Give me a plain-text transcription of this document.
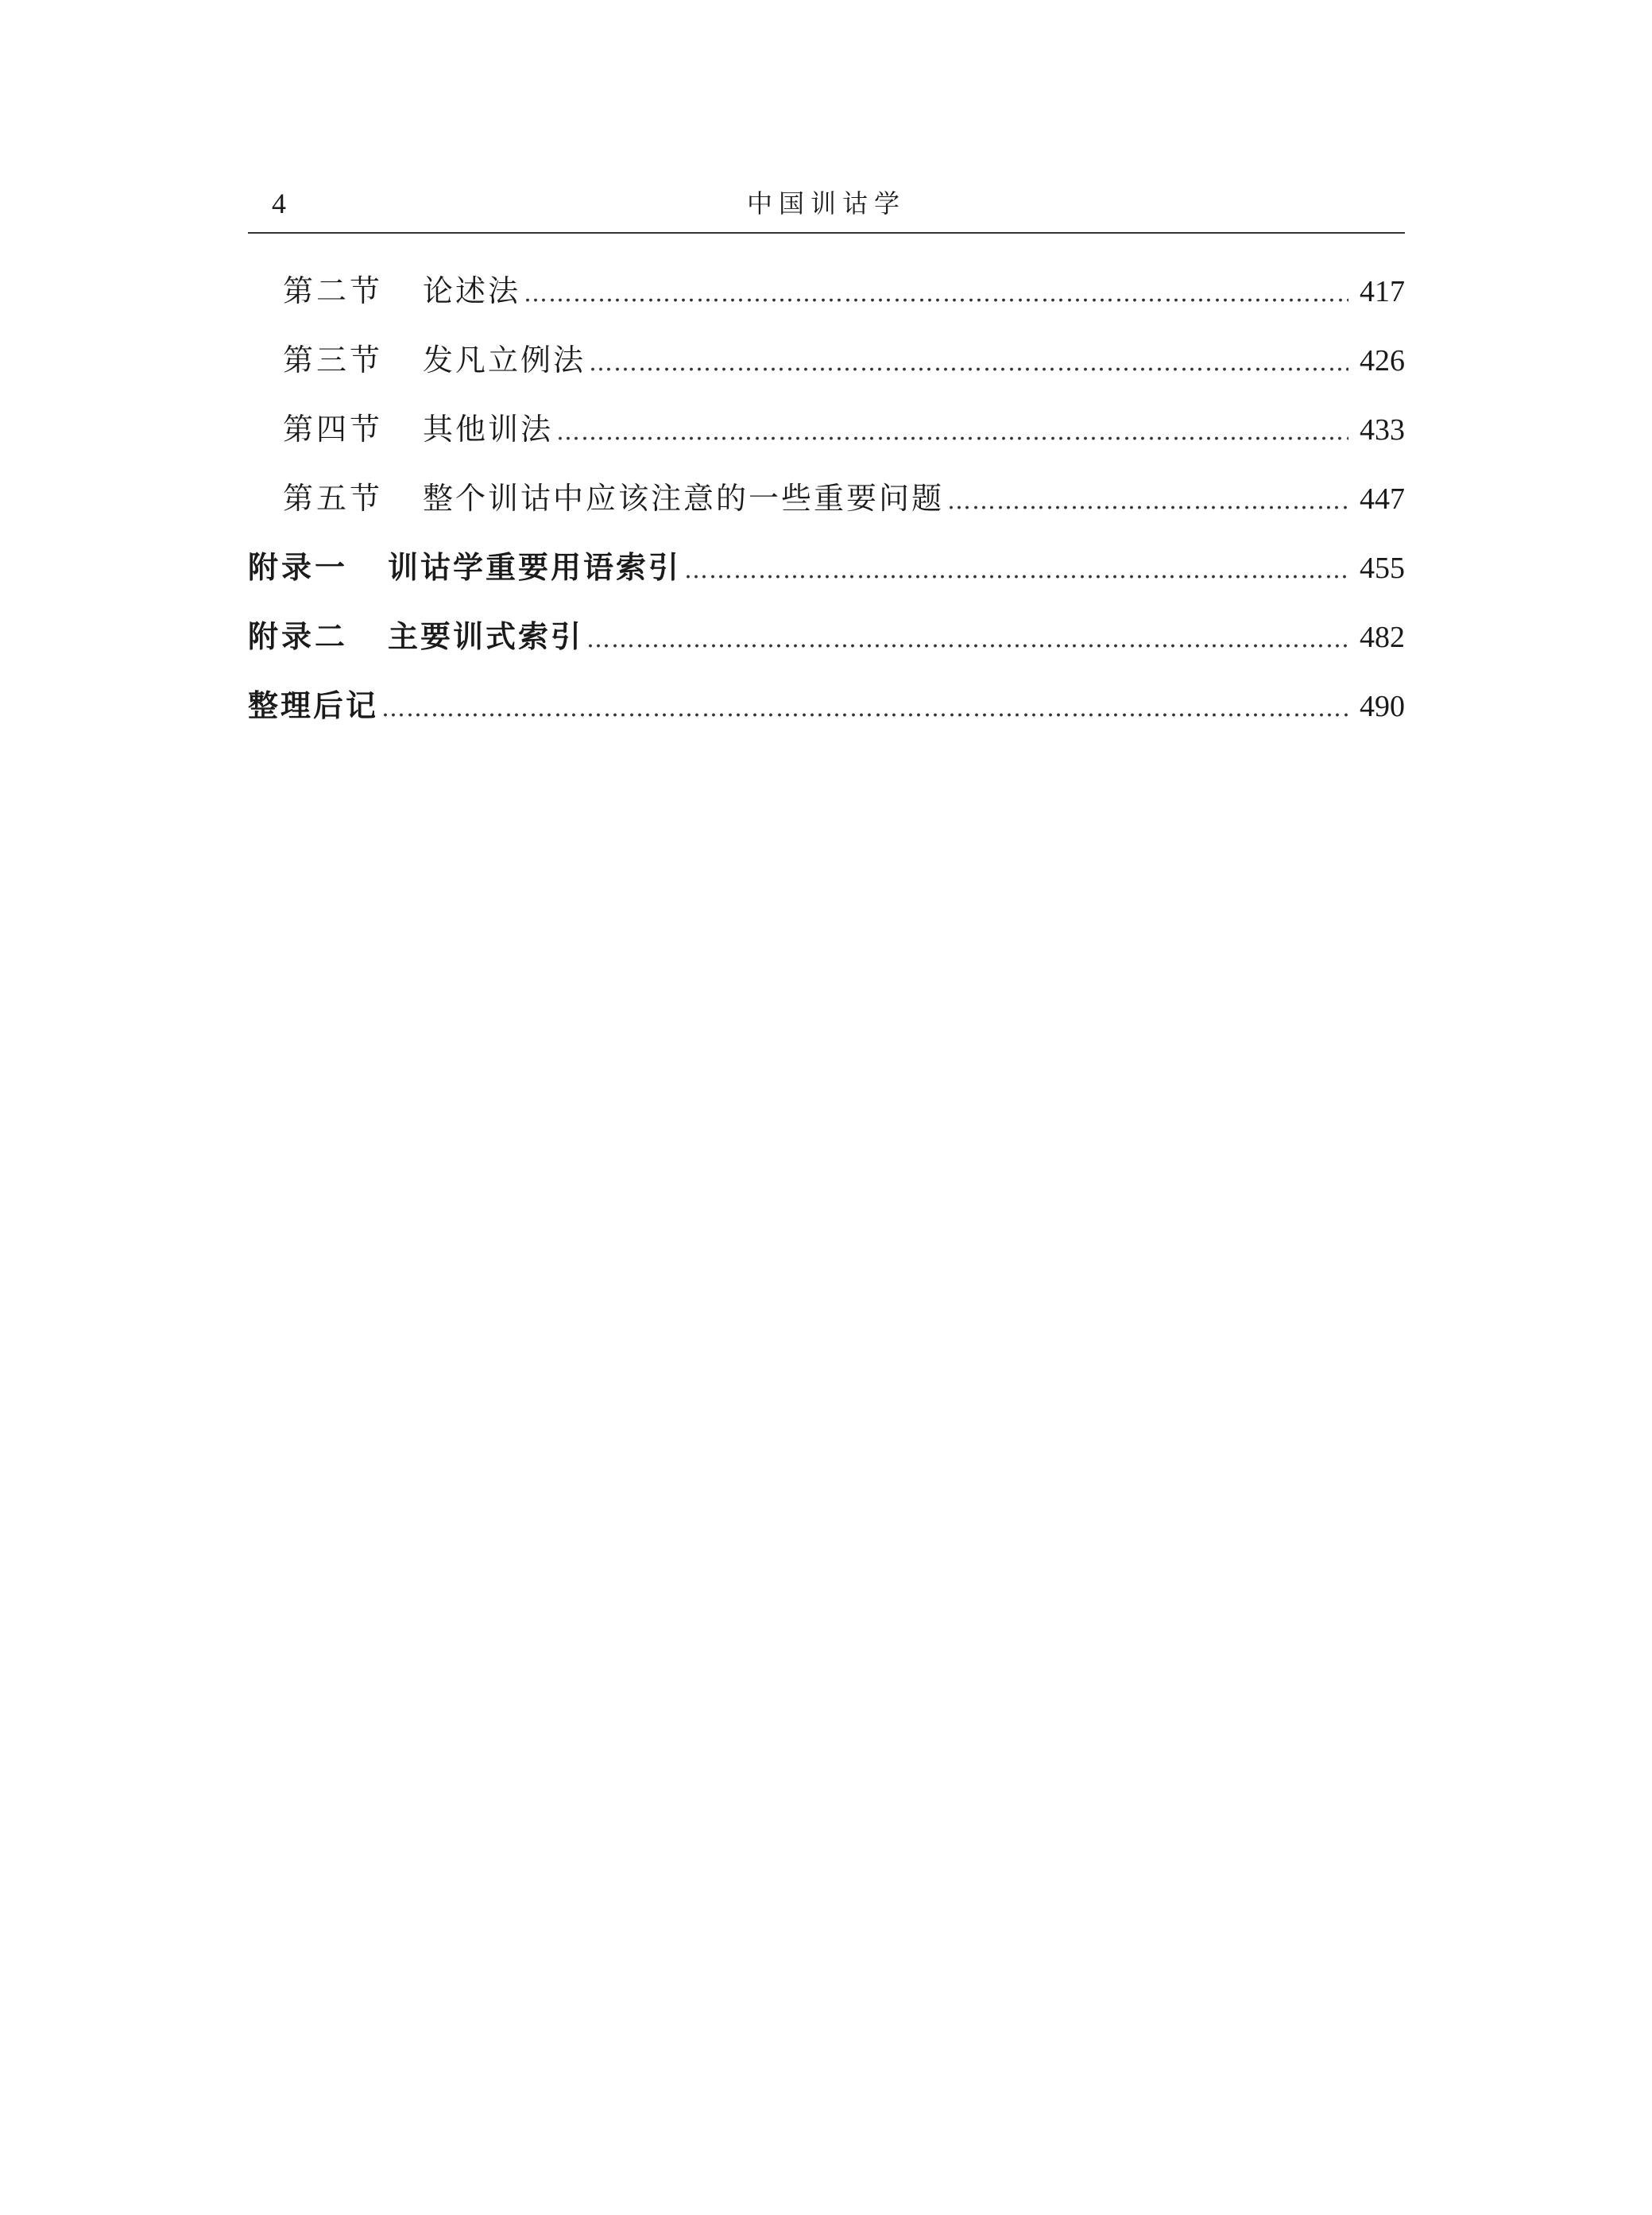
4	中国训诂学
第二节	论述法 ……………………………………………………………………………………………………………………………………………………………………………………………………	417
第三节	发凡立例法 ……………………………………………………………………………………………………………………………………………………………………………………………………	426
第四节	其他训法 ……………………………………………………………………………………………………………………………………………………………………………………………………	433
第五节	整个训诂中应该注意的一些重要问题 ……………………………………………………………………………………………………………………………………………………………………………………………………	447
附录一	训诂学重要用语索引 ……………………………………………………………………………………………………………………………………………………………………………………………………	455
附录二	主要训式索引 ……………………………………………………………………………………………………………………………………………………………………………………………………	482
整理后记 ……………………………………………………………………………………………………………………………………………………………………………………………………	490
